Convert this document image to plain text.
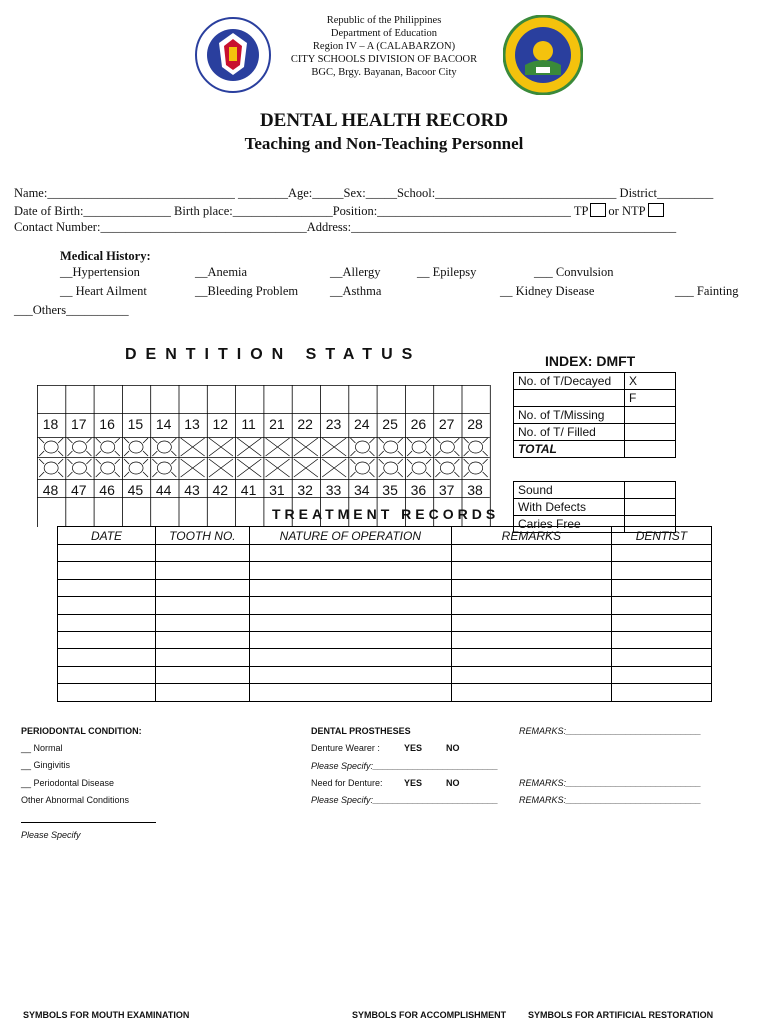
Republic of the Philippines
Department of Education
Region IV – A (CALABARZON)
CITY SCHOOLS DIVISION OF BACOOR
BGC, Brgy. Bayanan, Bacoor City
DENTAL HEALTH RECORD
Teaching and Non-Teaching Personnel
Name:______________________________ ________Age:_____Sex:_____School:_____________________________ District_________
Date of Birth:______________ Birth place:________________Position:_______________________________ TP or NTP
Contact Number:_________________________________Address:____________________________________________________
Medical History:
__Hypertension	__Anemia	__Allergy	__ Epilepsy	___ Convulsion
__ Heart Ailment	__Bleeding Problem	__Asthma	__ Kidney Disease	___ Fainting
___Others__________
DENTITION STATUS
18 17 16 15 14 13 12 11 21 22 23 24 25 26 27 28
48 47 46 45 44 43 42 41 31 32 33 34 35 36 37 38
INDEX: DMFT
No. of T/Decayed	X
	F
No. of T/Missing	
No. of T/ Filled	
TOTAL	
Sound	
With Defects	
Caries Free	
TREATMENT RECORDS
DATE	TOOTH NO.	NATURE OF OPERATION	REMARKS	DENTIST

PERIODONTAL CONDITION:
__ Normal
__ Gingivitis
__ Periodontal Disease
Other Abnormal Conditions
Please Specify
DENTAL PROSTHESES
Denture Wearer :	YES	NO
Please Specify:_________________________
Need for Denture: YES	NO
Please Specify:_________________________
REMARKS:___________________________
REMARKS:___________________________
REMARKS:___________________________
SYMBOLS FOR MOUTH EXAMINATION	SYMBOLS FOR ACCOMPLISHMENT SYMBOLS FOR ARTIFICIAL RESTORATION
